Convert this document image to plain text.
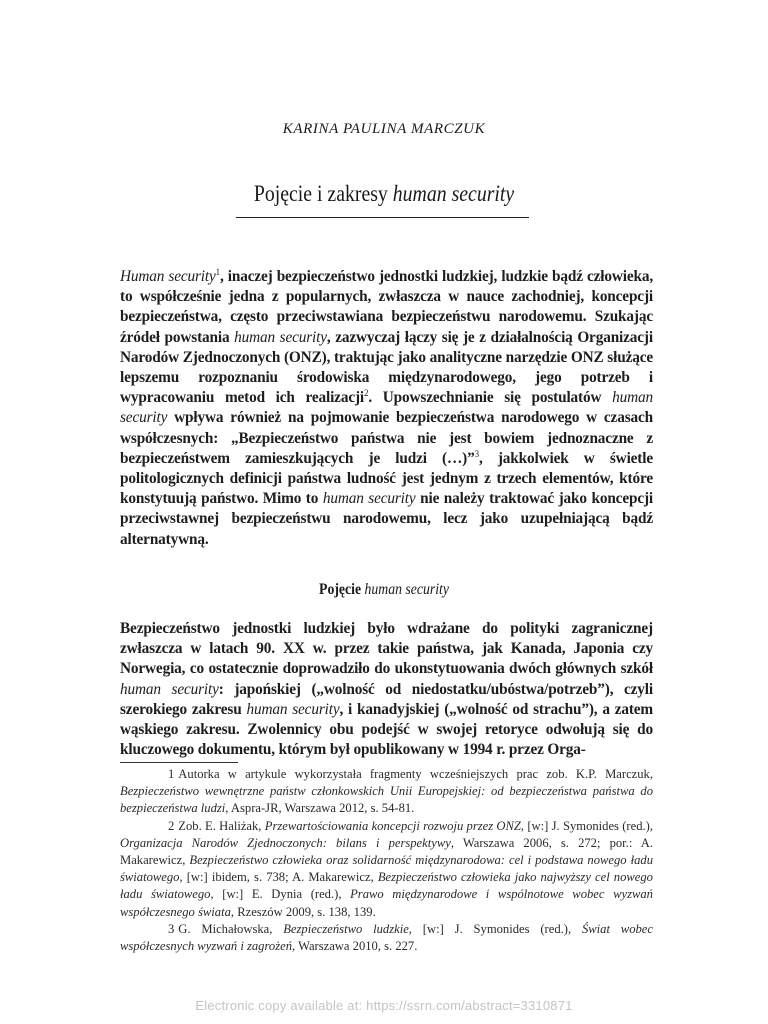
KARINA PAULINA MARCZUK
Pojęcie i zakresy human security

Human security$^1$, inaczej bezpieczeństwo jednostki ludzkiej, ludzkie bądź człowieka, to współcześnie jedna z popularnych, zwłaszcza w nauce zachodniej, koncepcji bezpieczeństwa, często przeciwstawiana bezpieczeństwu narodowemu. Szukając źródeł powstania human security, zazwyczaj łączy się je z działalnością Organizacji Narodów Zjednoczonych (ONZ), traktując jako analityczne narzędzie ONZ służące lepszemu rozpoznaniu środowiska międzynarodowego, jego potrzeb i wypracowaniu metod ich realizacji$^2$. Upowszechnianie się postulatów human security wpływa również na pojmowanie bezpieczeństwa narodowego w czasach współczesnych: „Bezpieczeństwo państwa nie jest bowiem jednoznaczne z bezpieczeństwem zamieszkujących je ludzi (…)”$^3$, jakkolwiek w świetle politologicznych definicji państwa ludność jest jednym z trzech elementów, które konstytuują państwo. Mimo to human security nie należy traktować jako koncepcji przeciwstawnej bezpieczeństwu narodowemu, lecz jako uzupełniającą bądź alternatywną.

Pojęcie human security

Bezpieczeństwo jednostki ludzkiej było wdrażane do polityki zagranicznej zwłaszcza w latach 90. XX w. przez takie państwa, jak Kanada, Japonia czy Norwegia, co ostatecznie doprowadziło do ukonstytuowania dwóch głównych szkół human security: japońskiej („wolność od niedostatku/ubóstwa/potrzeb”), czyli szerokiego zakresu human security, i kanadyjskiej („wolność od strachu”), a zatem wąskiego zakresu. Zwolennicy obu podejść w swojej retoryce odwołują się do kluczowego dokumentu, którym był opublikowany w 1994 r. przez Orga-

1 Autorka w artykule wykorzystała fragmenty wcześniejszych prac zob. K.P. Marczuk, Bezpieczeństwo wewnętrzne państw członkowskich Unii Europejskiej: od bezpieczeństwa państwa do bezpieczeństwa ludzi, Aspra-JR, Warszawa 2012, s. 54-81.

2 Zob. E. Haliżak, Przewartościowania koncepcji rozwoju przez ONZ, [w:] J. Symonides (red.), Organizacja Narodów Zjednoczonych: bilans i perspektywy, Warszawa 2006, s. 272; por.: A. Makarewicz, Bezpieczeństwo człowieka oraz solidarność międzynarodowa: cel i podstawa nowego ładu światowego, [w:] ibidem, s. 738; A. Makarewicz, Bezpieczeństwo człowieka jako najwyższy cel nowego ładu światowego, [w:] E. Dynia (red.), Prawo międzynarodowe i wspólnotowe wobec wyzwań współczesnego świata, Rzeszów 2009, s. 138, 139.

3 G. Michałowska, Bezpieczeństwo ludzkie, [w:] J. Symonides (red.), Świat wobec współczesnych wyzwań i zagrożeń, Warszawa 2010, s. 227.

Electronic copy available at: https://ssrn.com/abstract=3310871
